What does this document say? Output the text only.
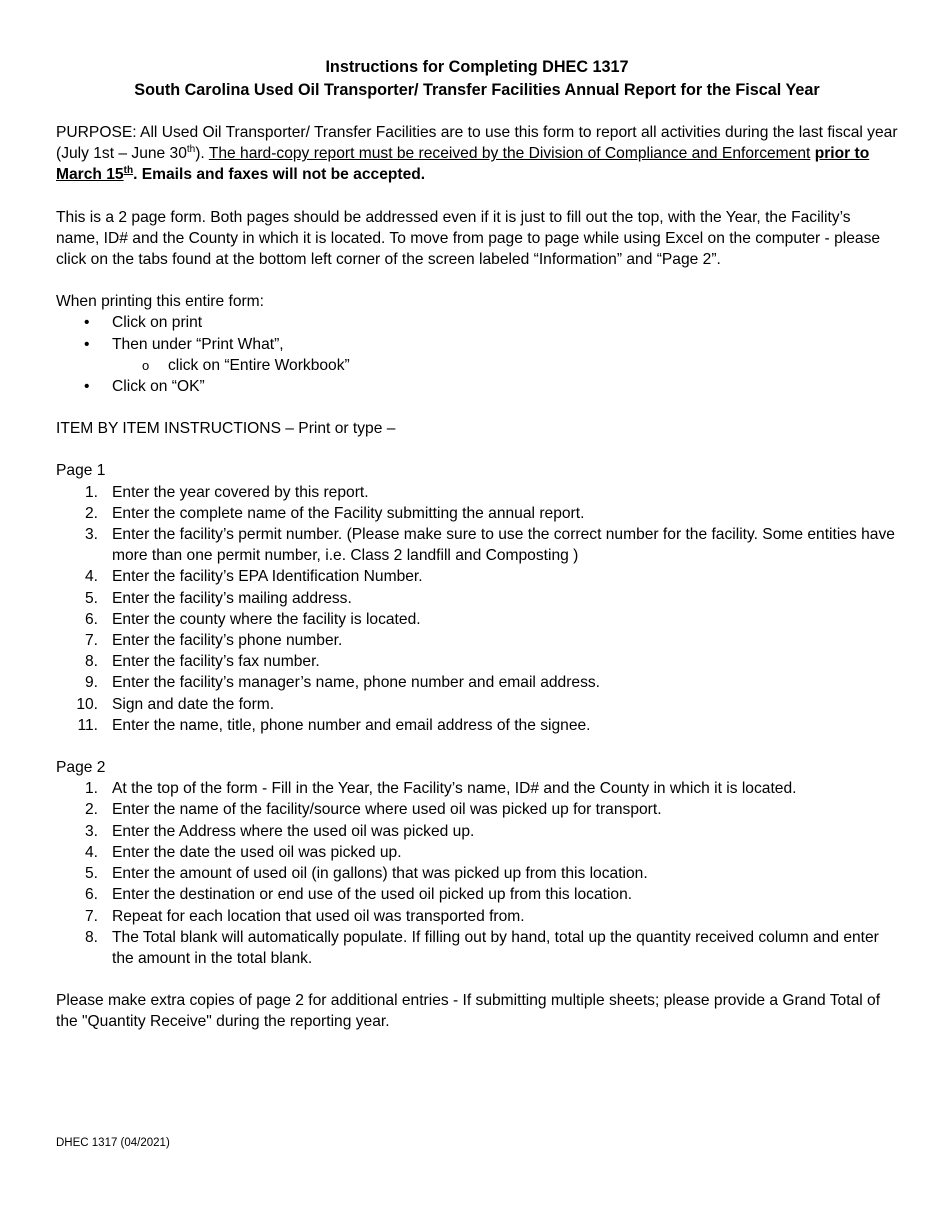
Instructions for Completing DHEC 1317

South Carolina Used Oil Transporter/ Transfer Facilities Annual Report for the Fiscal Year

PURPOSE: All Used Oil Transporter/ Transfer Facilities are to use this form to report all activities during the last fiscal year (July 1st – June 30th). The hard-copy report must be received by the Division of Compliance and Enforcement prior to March 15th. Emails and faxes will not be accepted.

This is a 2 page form. Both pages should be addressed even if it is just to fill out the top, with the Year, the Facility’s name, ID# and the County in which it is located. To move from page to page while using Excel on the computer - please click on the tabs found at the bottom left corner of the screen labeled “Information” and “Page 2”.

When printing this entire form:

• Click on print
• Then under “Print What”,
o click on “Entire Workbook”
• Click on “OK”

ITEM BY ITEM INSTRUCTIONS – Print or type –

Page 1

1. Enter the year covered by this report.
2. Enter the complete name of the Facility submitting the annual report.
3. Enter the facility’s permit number. (Please make sure to use the correct number for the facility. Some entities have more than one permit number, i.e. Class 2 landfill and Composting )
4. Enter the facility’s EPA Identification Number.
5. Enter the facility’s mailing address.
6. Enter the county where the facility is located.
7. Enter the facility’s phone number.
8. Enter the facility’s fax number.
9. Enter the facility’s manager’s name, phone number and email address.
10. Sign and date the form.
11. Enter the name, title, phone number and email address of the signee.

Page 2

1. At the top of the form - Fill in the Year, the Facility’s name, ID# and the County in which it is located.
2. Enter the name of the facility/source where used oil was picked up for transport.
3. Enter the Address where the used oil was picked up.
4. Enter the date the used oil was picked up.
5. Enter the amount of used oil (in gallons) that was picked up from this location.
6. Enter the destination or end use of the used oil picked up from this location.
7. Repeat for each location that used oil was transported from.
8. The Total blank will automatically populate. If filling out by hand, total up the quantity received column and enter the amount in the total blank.

Please make extra copies of page 2 for additional entries - If submitting multiple sheets; please provide a Grand Total of the "Quantity Receive" during the reporting year.

DHEC 1317 (04/2021)
